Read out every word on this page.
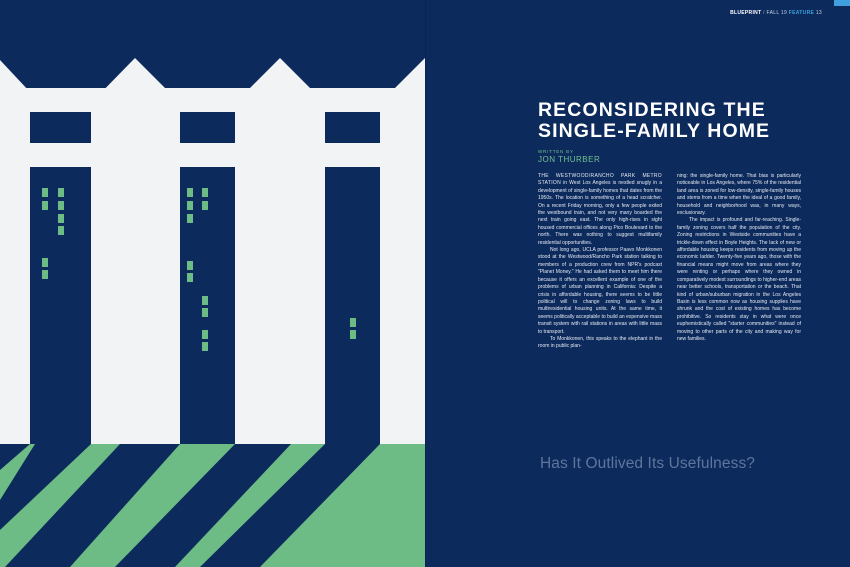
BLUEPRINT / FALL 19 FEATURE 13
RECONSIDERING THE
SINGLE-FAMILY HOME
WRITTEN BY
JON THURBER

THE WESTWOOD/RANCHO PARK METRO STATION in West Los Angeles is nestled snugly in a development of single-family homes that dates from the 1950s. The location is something of a head scratcher. On a recent Friday morning, only a few people exited the westbound train, and not very many boarded the next train going east. The only high-rises in sight housed commercial offices along Pico Boulevard to the north. There was nothing to suggest multifamily residential opportunities.

Not long ago, UCLA professor Paavo Monkkonen stood at the Westwood/Rancho Park station talking to members of a production crew from NPR's podcast "Planet Money." He had asked them to meet him there because it offers an excellent example of one of the problems of urban planning in California: Despite a crisis in affordable housing, there seems to be little political will to change zoning laws to build multiresidential housing units. At the same time, it seems politically acceptable to build an expensive mass transit system with rail stations in areas with little mass to transport.

To Monkkonen, this speaks to the elephant in the room in public plan-

ning: the single-family home. That bias is particularly noticeable in Los Angeles, where 75% of the residential land area is zoned for low-density, single-family houses and stems from a time when the ideal of a good family, household and neighborhood was, in many ways, exclusionary.

The impact is profound and far-reaching. Single-family zoning covers half the population of the city. Zoning restrictions in Westside communities have a trickle-down effect in Boyle Heights. The lack of new or affordable housing keeps residents from moving up the economic ladder. Twenty-five years ago, those with the financial means might move from areas where they were renting or perhaps where they owned in comparatively modest surroundings to higher-end areas near better schools, transportation or the beach. That kind of urban/suburban migration in the Los Angeles Basin is less common now as housing supplies have shrunk and the cost of existing homes has become prohibitive. So residents stay in what were once euphemistically called "starter communities" instead of moving to other parts of the city and making way for new families.

Has It Outlived Its Usefulness?
